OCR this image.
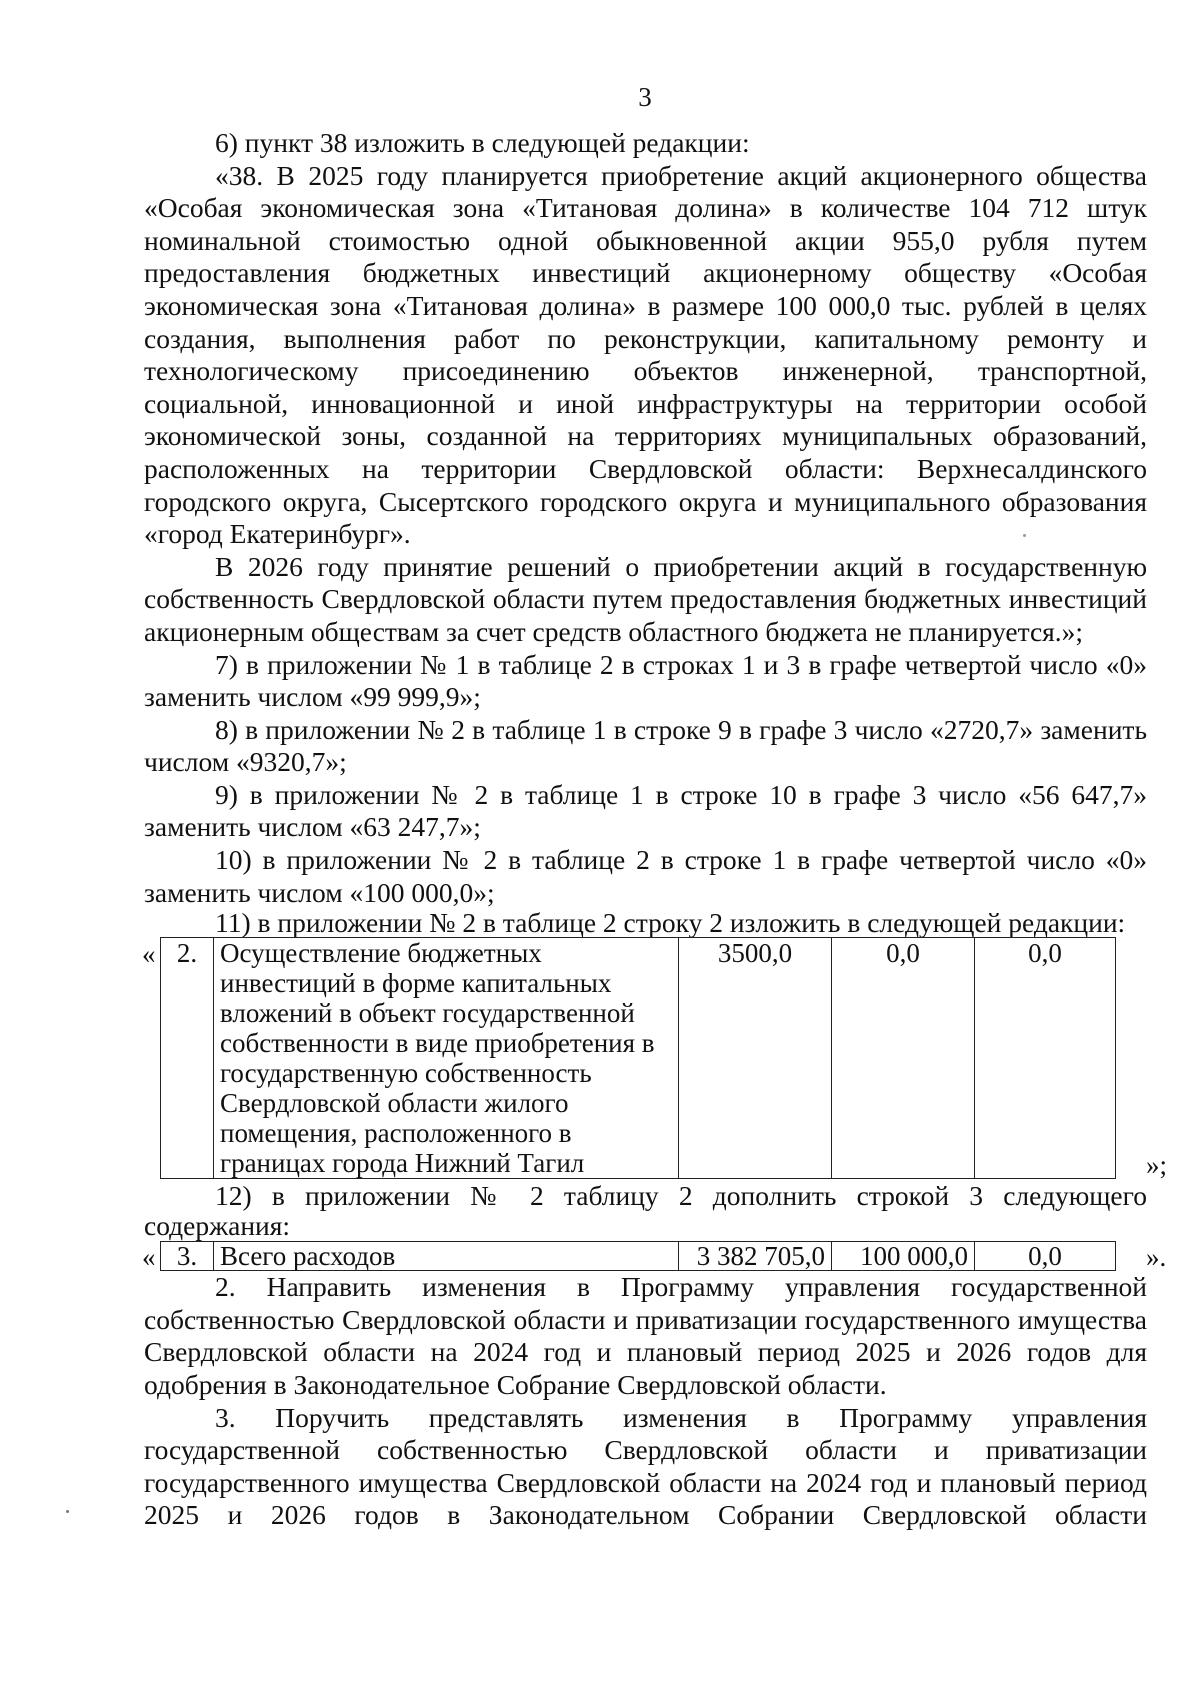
3

6) пункт 38 изложить в следующей редакции:

«38. В 2025 году планируется приобретение акций акционерного общества «Особая экономическая зона «Титановая долина» в количестве 104 712 штук номинальной стоимостью одной обыкновенной акции 955,0 рубля путем предоставления бюджетных инвестиций акционерному обществу «Особая экономическая зона «Титановая долина» в размере 100 000,0 тыс. рублей в целях создания, выполнения работ по реконструкции, капитальному ремонту и технологическому присоединению объектов инженерной, транспортной, социальной, инновационной и иной инфраструктуры на территории особой экономической зоны, созданной на территориях муниципальных образований, расположенных на территории Свердловской области: Верхнесалдинского городского округа, Сысертского городского округа и муниципального образования «город Екатеринбург».

В 2026 году принятие решений о приобретении акций в государственную собственность Свердловской области путем предоставления бюджетных инвестиций акционерным обществам за счет средств областного бюджета не планируется.»;

7) в приложении № 1 в таблице 2 в строках 1 и 3 в графе четвертой число «0» заменить числом «99 999,9»;

8) в приложении № 2 в таблице 1 в строке 9 в графе 3 число «2720,7» заменить числом «9320,7»;

9) в приложении № 2 в таблице 1 в строке 10 в графе 3 число «56 647,7» заменить числом «63 247,7»;

10) в приложении № 2 в таблице 2 в строке 1 в графе четвертой число «0» заменить числом «100 000,0»;

11) в приложении № 2 в таблице 2 строку 2 изложить в следующей редакции:

« 2.	Осуществление бюджетных инвестиций в форме капитальных вложений в объект государственной собственности в виде приобретения в государственную собственность Свердловской области жилого помещения, расположенного в границах города Нижний Тагил	3500,0	0,0	0,0
»;

12) в приложении № 2 таблицу 2 дополнить строкой 3 следующего содержания:

« 3.	Всего расходов	3 382 705,0	100 000,0	0,0	».

2. Направить изменения в Программу управления государственной собственностью Свердловской области и приватизации государственного имущества Свердловской области на 2024 год и плановый период 2025 и 2026 годов для одобрения в Законодательное Собрание Свердловской области.

3. Поручить представлять изменения в Программу управления государственной собственностью Свердловской области и приватизации государственного имущества Свердловской области на 2024 год и плановый период 2025 и 2026 годов в Законодательном Собрании Свердловской области
